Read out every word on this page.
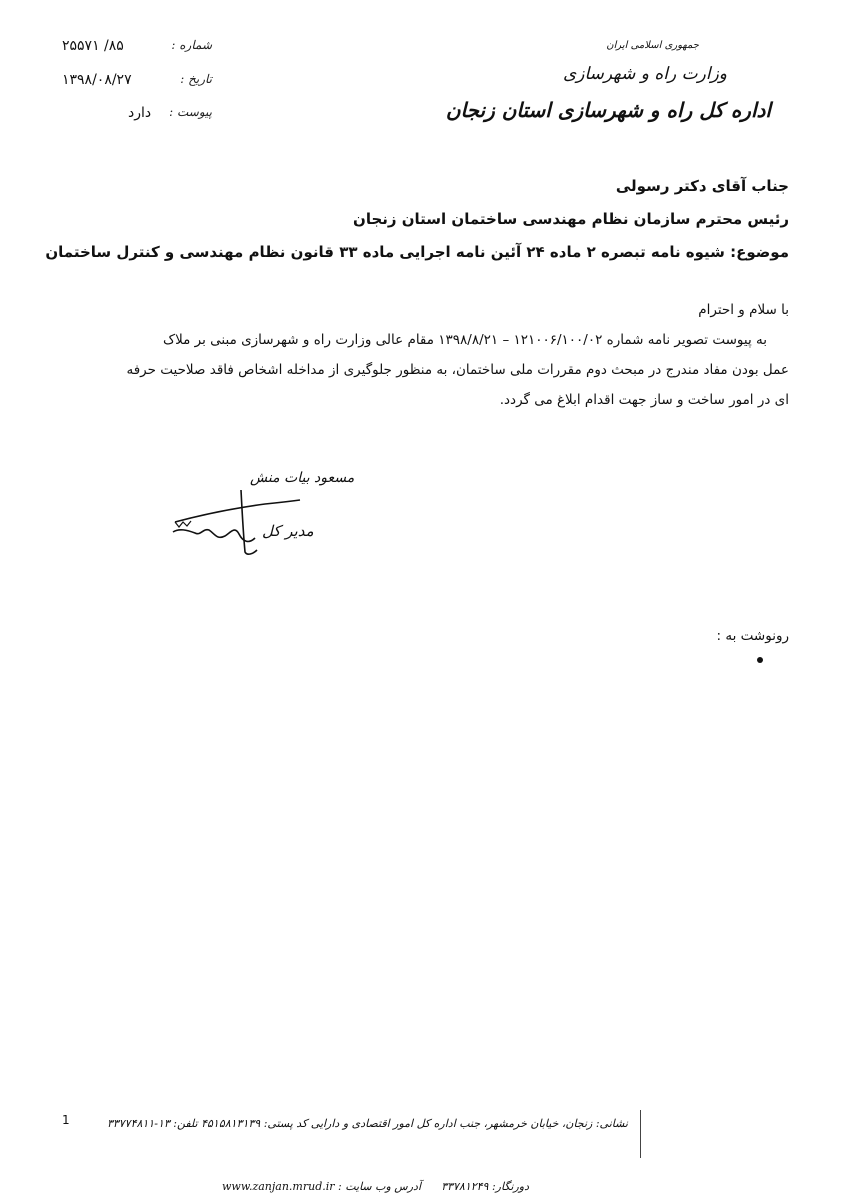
شماره :
۸۵/ ۲۵۵۷۱
تاریخ :
۱۳۹۸/۰۸/۲۷
پیوست :
دارد
جمهوری اسلامی ایران
وزارت راه و شهرسازی
اداره کل راه و شهرسازی استان زنجان
جناب آقای دکتر رسولی
رئیس محترم سازمان نظام مهندسی ساختمان استان زنجان
موضوع: شیوه نامه تبصره ۲ ماده ۲۴ آئین نامه اجرایی ماده ۳۳ قانون نظام مهندسی و کنترل ساختمان
با سلام و احترام
به پیوست تصویر نامه شماره ۱۲۱۰۰۶/۱۰۰/۰۲ – ۱۳۹۸/۸/۲۱ مقام عالی وزارت راه و شهرسازی مبنی بر ملاک
عمل بودن مفاد مندرج در مبحث دوم مقررات ملی ساختمان، به منظور جلوگیری از مداخله اشخاص فاقد صلاحیت حرفه
ای در امور ساخت و ساز جهت اقدام ابلاغ می گردد.
مسعود بیات منش
مدیر کل
رونوشت به :
1	نشانی: زنجان، خیابان خرمشهر، جنب اداره کل امور اقتصادی و دارایی کد پستی: ۴۵۱۵۸۱۳۱۳۹ تلفن: ۱۳-۳۳۷۷۴۸۱۱
دورنگار: ۳۳۷۸۱۲۴۹
آدرس وب سایت : www.zanjan.mrud.ir
